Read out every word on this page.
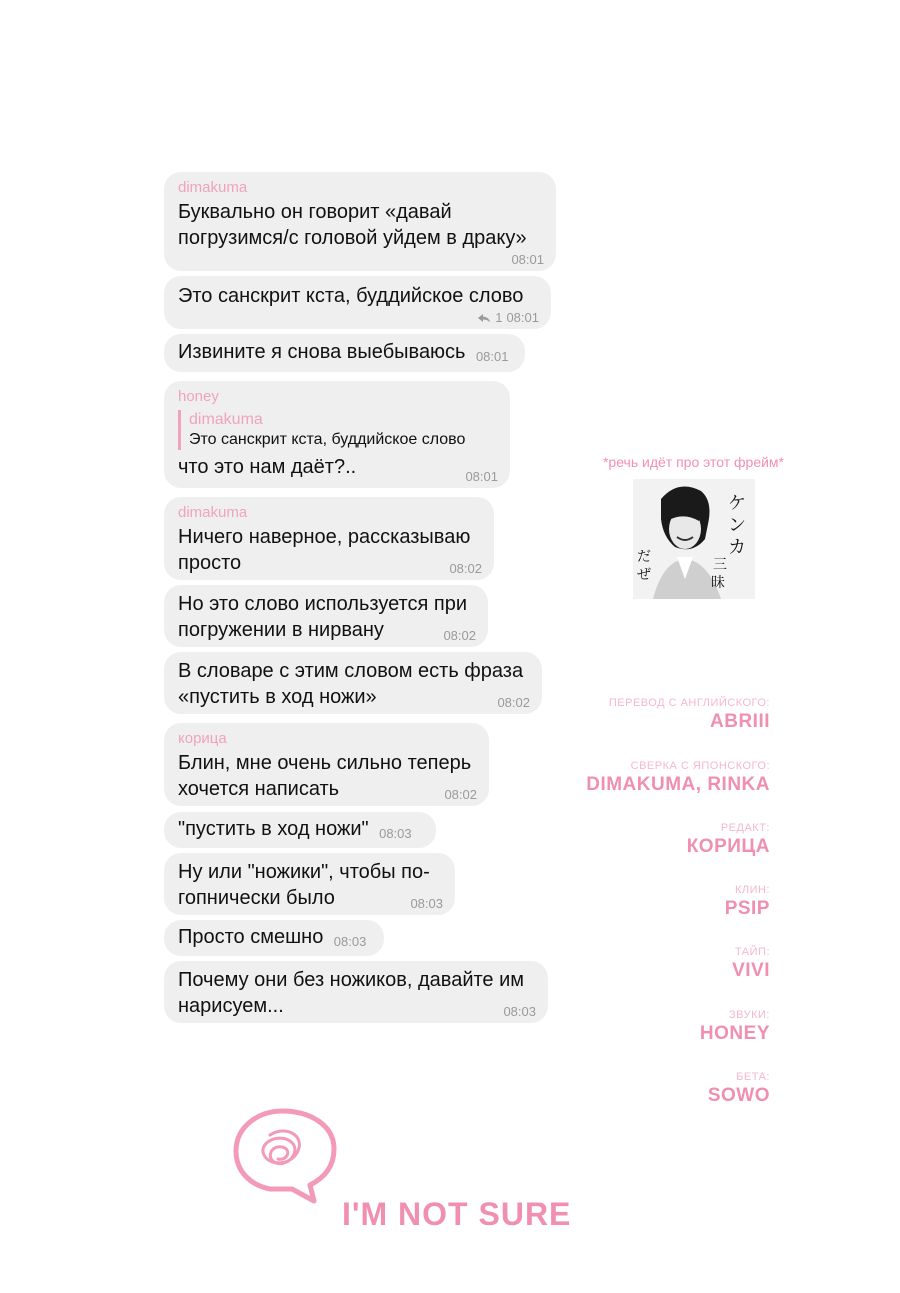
dimakuma
Буквально он говорит «давай
погрузимся/с головой уйдем в драку»
08:01
Это санскрит кста, буддийское слово
1 08:01
Извините я снова выебываюсь 08:01
honey
dimakuma
Это санскрит кста, буддийское слово
что это нам даёт?..	08:01
dimakuma
Ничего наверное, рассказываю
просто	08:02
Но это слово используется при
погружении в нирвану	08:02
В словаре с этим словом есть фраза
«пустить в ход ножи»	08:02
корица
Блин, мне очень сильно теперь
хочется написать	08:02
"пустить в ход ножи" 08:03
Ну или "ножики", чтобы по-
гопнически было	08:03
Просто смешно 08:03
Почему они без ножиков, давайте им
нарисуем...	08:03
*речь идёт про этот фрейм*
ケ
ン
カ
三
昧
だ
ぜ
ПЕРЕВОД С АНГЛИЙСКОГО:
ABRIII
СВЕРКА С ЯПОНСКОГО:
DIMAKUMA, RINKA
РЕДАКТ:
КОРИЦА
КЛИН:
PSIP
ТАЙП:
VIVI
ЗВУКИ:
HONEY
БЕТА:
SOWO
I'M NOT SURE
